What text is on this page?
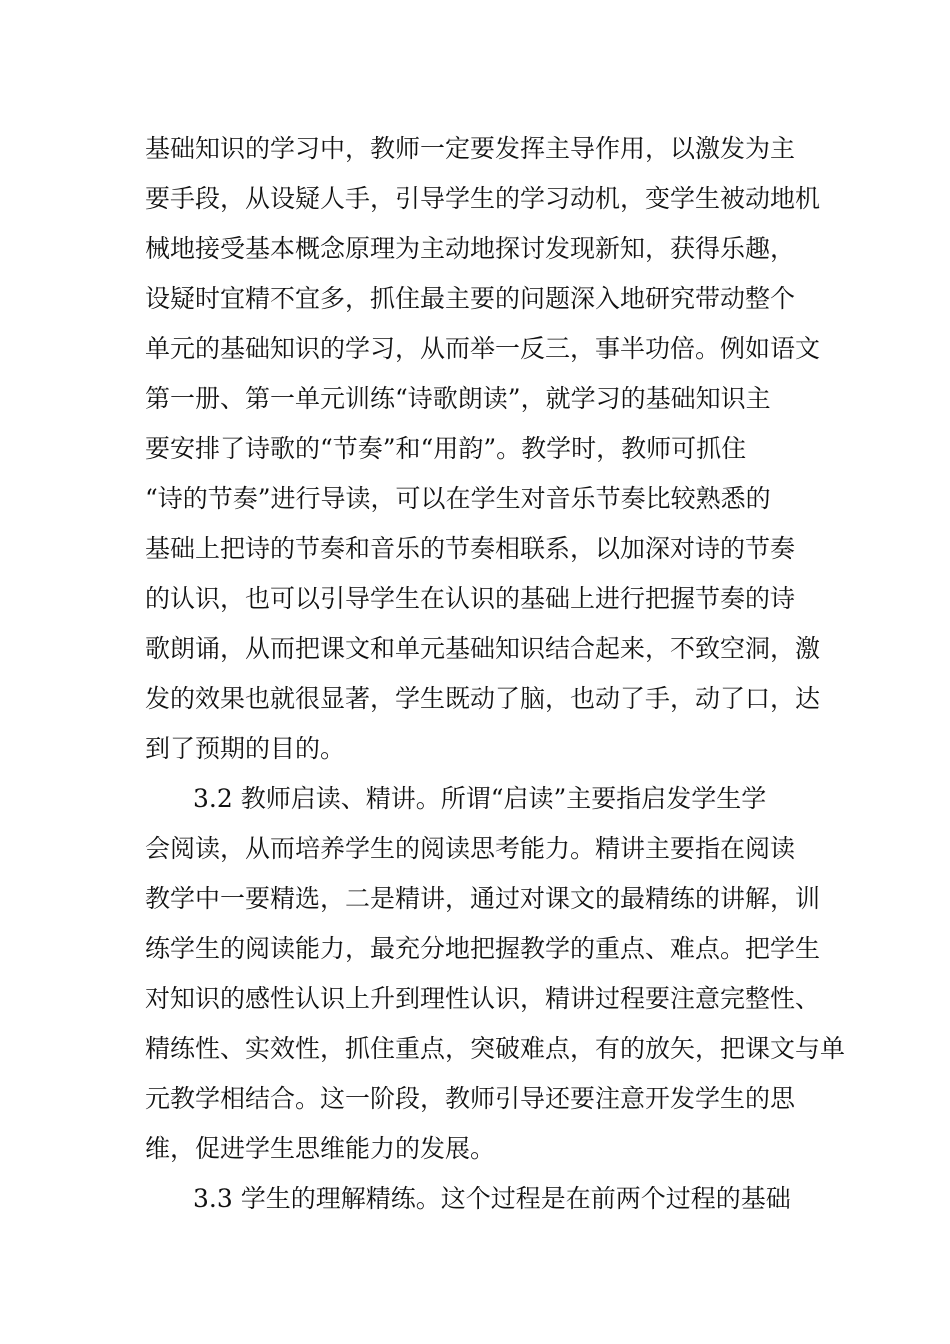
基础知识的学习中，教师一定要发挥主导作用，以激发为主
要手段，从设疑人手，引导学生的学习动机，变学生被动地机
械地接受基本概念原理为主动地探讨发现新知，获得乐趣，
设疑时宜精不宜多，抓住最主要的问题深入地研究带动整个
单元的基础知识的学习，从而举一反三，事半功倍。例如语文
第一册、第一单元训练“诗歌朗读”，就学习的基础知识主
要安排了诗歌的“节奏”和“用韵”。教学时，教师可抓住
“诗的节奏”进行导读，可以在学生对音乐节奏比较熟悉的
基础上把诗的节奏和音乐的节奏相联系，以加深对诗的节奏
的认识，也可以引导学生在认识的基础上进行把握节奏的诗
歌朗诵，从而把课文和单元基础知识结合起来，不致空洞，激
发的效果也就很显著，学生既动了脑，也动了手，动了口，达
到了预期的目的。
3.2 教师启读、精讲。所谓“启读”主要指启发学生学
会阅读，从而培养学生的阅读思考能力。精讲主要指在阅读
教学中一要精选，二是精讲，通过对课文的最精练的讲解，训
练学生的阅读能力，最充分地把握教学的重点、难点。把学生
对知识的感性认识上升到理性认识，精讲过程要注意完整性、
精练性、实效性，抓住重点，突破难点，有的放矢，把课文与单
元教学相结合。这一阶段，教师引导还要注意开发学生的思
维，促进学生思维能力的发展。
3.3 学生的理解精练。这个过程是在前两个过程的基础
